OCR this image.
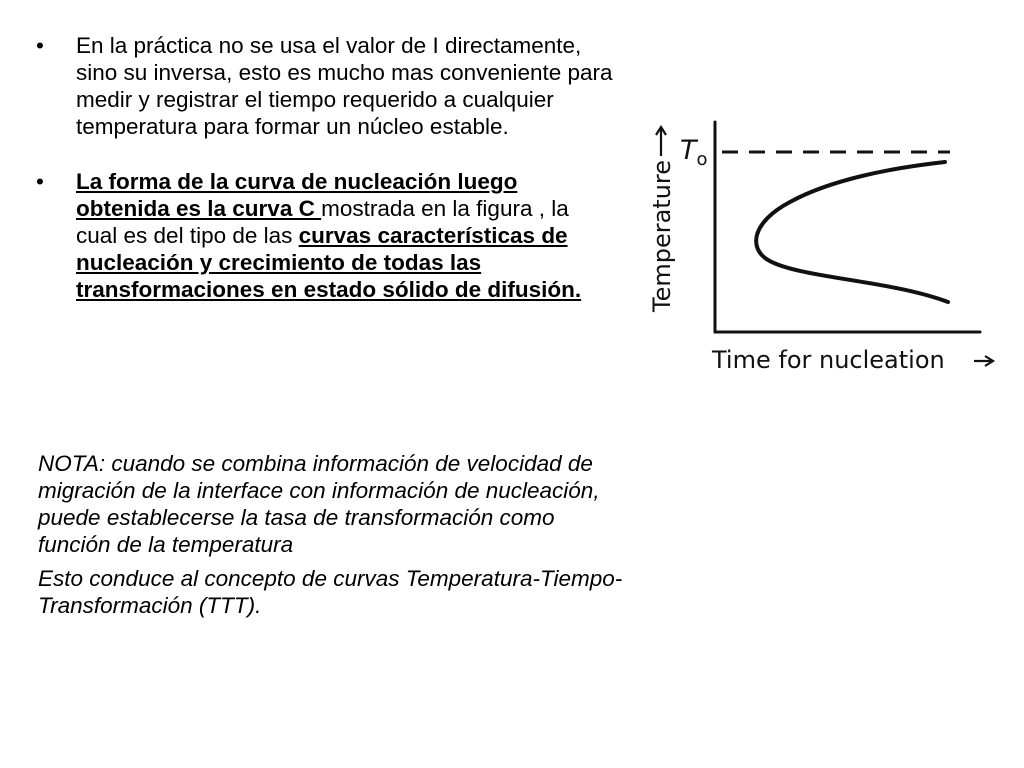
• En la práctica no se usa el valor de I directamente, sino su inversa, esto es mucho mas conveniente para medir y registrar el tiempo requerido a cualquier temperatura para formar un núcleo estable.
• La forma de la curva de nucleación luego obtenida es la curva C mostrada en la figura , la cual es del tipo de las curvas características de nucleación y crecimiento de todas las transformaciones en estado sólido de difusión.

NOTA: cuando se combina información de velocidad de migración de la interface con información de nucleación, puede establecerse la tasa de transformación como función de la temperatura

Esto conduce al concepto de curvas Temperatura-Tiempo-Transformación (TTT).

Temperature
$T_o$
Time for nucleation
